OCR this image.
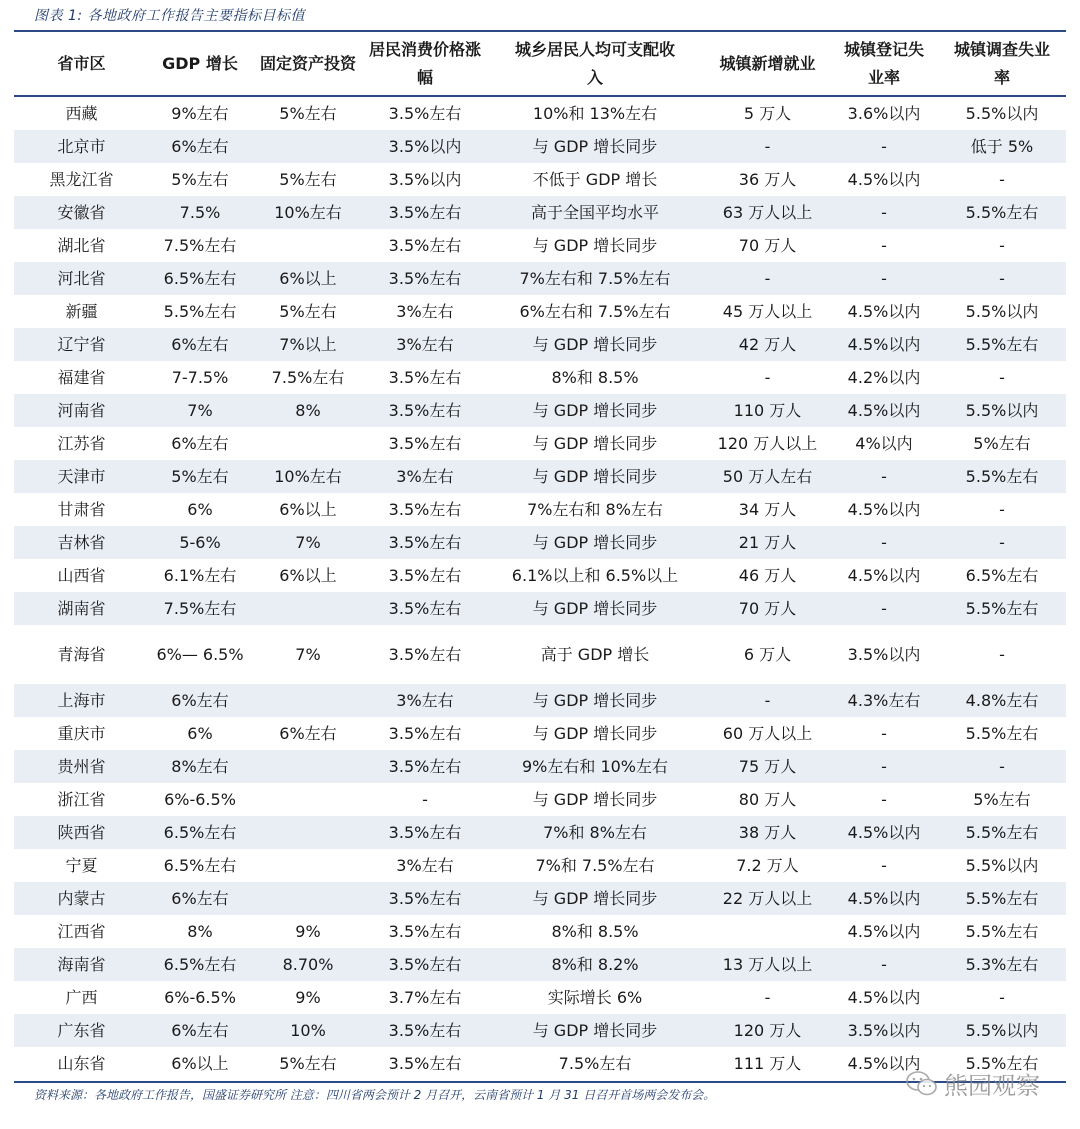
图表 1: 各地政府工作报告主要指标目标值
省市区	GDP 增长	固定资产投资	居民消费价格涨幅	城乡居民人均可支配收入	城镇新增就业	城镇登记失业率	城镇调查失业率
西藏	9%左右	5%左右	3.5%左右	10%和 13%左右	5 万人	3.6%以内	5.5%以内
北京市	6%左右		3.5%以内	与 GDP 增长同步	-	-	低于 5%
黑龙江省	5%左右	5%左右	3.5%以内	不低于 GDP 增长	36 万人	4.5%以内	-
安徽省	7.5%	10%左右	3.5%左右	高于全国平均水平	63 万人以上	-	5.5%左右
湖北省	7.5%左右		3.5%左右	与 GDP 增长同步	70 万人	-	-
河北省	6.5%左右	6%以上	3.5%左右	7%左右和 7.5%左右	-	-	-
新疆	5.5%左右	5%左右	3%左右	6%左右和 7.5%左右	45 万人以上	4.5%以内	5.5%以内
辽宁省	6%左右	7%以上	3%左右	与 GDP 增长同步	42 万人	4.5%以内	5.5%左右
福建省	7-7.5%	7.5%左右	3.5%左右	8%和 8.5%	-	4.2%以内	-
河南省	7%	8%	3.5%左右	与 GDP 增长同步	110 万人	4.5%以内	5.5%以内
江苏省	6%左右		3.5%左右	与 GDP 增长同步	120 万人以上	4%以内	5%左右
天津市	5%左右	10%左右	3%左右	与 GDP 增长同步	50 万人左右	-	5.5%左右
甘肃省	6%	6%以上	3.5%左右	7%左右和 8%左右	34 万人	4.5%以内	-
吉林省	5-6%	7%	3.5%左右	与 GDP 增长同步	21 万人	-	-
山西省	6.1%左右	6%以上	3.5%左右	6.1%以上和 6.5%以上	46 万人	4.5%以内	6.5%左右
湖南省	7.5%左右		3.5%左右	与 GDP 增长同步	70 万人	-	5.5%左右
青海省	6%— 6.5%	7%	3.5%左右	高于 GDP 增长	6 万人	3.5%以内	-
上海市	6%左右		3%左右	与 GDP 增长同步	-	4.3%左右	4.8%左右
重庆市	6%	6%左右	3.5%左右	与 GDP 增长同步	60 万人以上	-	5.5%左右
贵州省	8%左右		3.5%左右	9%左右和 10%左右	75 万人	-	-
浙江省	6%-6.5%		-	与 GDP 增长同步	80 万人	-	5%左右
陕西省	6.5%左右		3.5%左右	7%和 8%左右	38 万人	4.5%以内	5.5%左右
宁夏	6.5%左右		3%左右	7%和 7.5%左右	7.2 万人	-	5.5%以内
内蒙古	6%左右		3.5%左右	与 GDP 增长同步	22 万人以上	4.5%以内	5.5%左右
江西省	8%	9%	3.5%左右	8%和 8.5%		4.5%以内	5.5%左右
海南省	6.5%左右	8.70%	3.5%左右	8%和 8.2%	13 万人以上	-	5.3%左右
广西	6%-6.5%	9%	3.7%左右	实际增长 6%	-	4.5%以内	-
广东省	6%左右	10%	3.5%左右	与 GDP 增长同步	120 万人	3.5%以内	5.5%以内
山东省	6%以上	5%左右	3.5%左右	7.5%左右	111 万人	4.5%以内	5.5%左右
资料来源：各地政府工作报告，国盛证券研究所 注意：四川省两会预计 2 月召开，云南省预计 1 月 31 日召开首场两会发布会。	熊园观察
